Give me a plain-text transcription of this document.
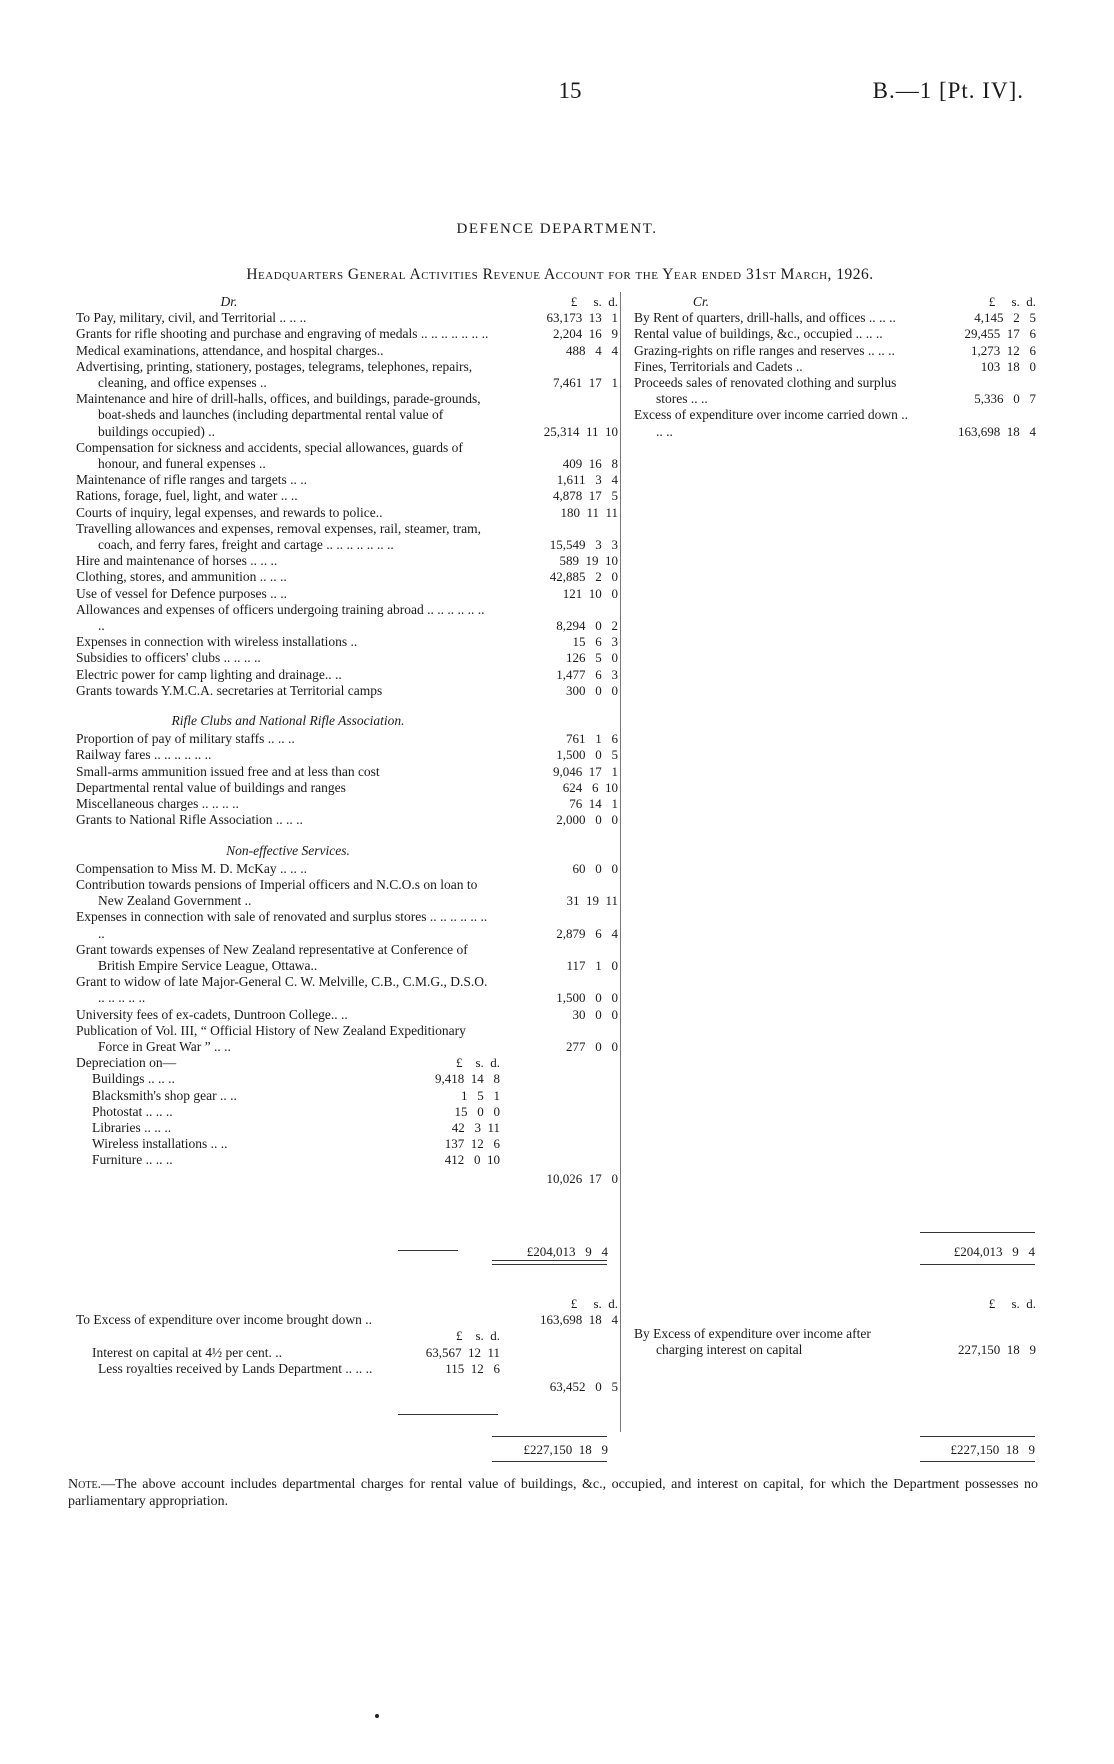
15	B.—1 [Pt. IV].
DEFENCE DEPARTMENT.
Headquarters General Activities Revenue Account for the Year ended 31st March, 1926.
Dr.	£     s.  d.
To Pay, military, civil, and Territorial .. .. ..	63,173  13   1
Grants for rifle shooting and purchase and engraving of medals .. .. .. .. .. .. ..	2,204  16   9
Medical examinations, attendance, and hospital charges..	488   4   4
Advertising, printing, stationery, postages, telegrams, telephones, repairs, cleaning, and office expenses ..	7,461  17   1
Maintenance and hire of drill-halls, offices, and buildings, parade-grounds, boat-sheds and launches (including departmental rental value of buildings occupied) ..	25,314  11  10
Compensation for sickness and accidents, special allowances, guards of honour, and funeral expenses ..	409  16   8
Maintenance of rifle ranges and targets .. ..	1,611   3   4
Rations, forage, fuel, light, and water .. ..	4,878  17   5
Courts of inquiry, legal expenses, and rewards to police..	180  11  11
Travelling allowances and expenses, removal expenses, rail, steamer, tram, coach, and ferry fares, freight and cartage .. .. .. .. .. .. ..	15,549   3   3
Hire and maintenance of horses .. .. ..	589  19  10
Clothing, stores, and ammunition .. .. ..	42,885   2   0
Use of vessel for Defence purposes .. ..	121  10   0
Allowances and expenses of officers undergoing training abroad .. .. .. .. .. .. ..	8,294   0   2
Expenses in connection with wireless installations ..	15   6   3
Subsidies to officers' clubs .. .. .. ..	126   5   0
Electric power for camp lighting and drainage.. ..	1,477   6   3
Grants towards Y.M.C.A. secretaries at Territorial camps	300   0   0
Rifle Clubs and National Rifle Association.
Proportion of pay of military staffs .. .. ..	761   1   6
Railway fares .. .. .. .. .. ..	1,500   0   5
Small-arms ammunition issued free and at less than cost	9,046  17   1
Departmental rental value of buildings and ranges	624   6  10
Miscellaneous charges .. .. .. ..	76  14   1
Grants to National Rifle Association .. .. ..	2,000   0   0
Non-effective Services.
Compensation to Miss M. D. McKay .. .. ..	60   0   0
Contribution towards pensions of Imperial officers and N.C.O.s on loan to New Zealand Government ..	31  19  11
Expenses in connection with sale of renovated and surplus stores .. .. .. .. .. .. ..	2,879   6   4
Grant towards expenses of New Zealand representative at Conference of British Empire Service League, Ottawa..	117   1   0
Grant to widow of late Major-General C. W. Melville, C.B., C.M.G., D.S.O. .. .. .. .. ..	1,500   0   0
University fees of ex-cadets, Duntroon College.. ..	30   0   0
Publication of Vol. III, “ Official History of New Zealand Expeditionary Force in Great War ” .. ..	277   0   0
Depreciation on—	£    s.  d.
Buildings .. .. ..	9,418  14   8
Blacksmith's shop gear .. ..	1   5   1
Photostat .. .. ..	15   0   0
Libraries .. .. ..	42   3  11
Wireless installations .. ..	137  12   6
Furniture .. .. ..	412   0  10
10,026  17   0
£204,013   9   4
Cr.	£     s.  d.
By Rent of quarters, drill-halls, and offices .. .. ..	4,145   2   5
Rental value of buildings, &c., occupied .. .. ..	29,455  17   6
Grazing-rights on rifle ranges and reserves .. .. ..	1,273  12   6
Fines, Territorials and Cadets ..	103  18   0
Proceeds sales of renovated clothing and surplus stores .. ..	5,336   0   7
Excess of expenditure over income carried down .. .. ..	163,698  18   4
£204,013   9   4
£     s.  d.
To Excess of expenditure over income brought down ..	163,698  18   4
£    s.  d.
Interest on capital at 4½ per cent. ..	63,567  12  11
Less royalties received by Lands Department .. .. ..	115  12   6
63,452   0   5
£227,150  18   9
£     s.  d.
By Excess of expenditure over income after charging interest on capital	227,150  18   9
£227,150  18   9
Note.—The above account includes departmental charges for rental value of buildings, &c., occupied, and interest on capital, for which the Department possesses no parliamentary appropriation.
